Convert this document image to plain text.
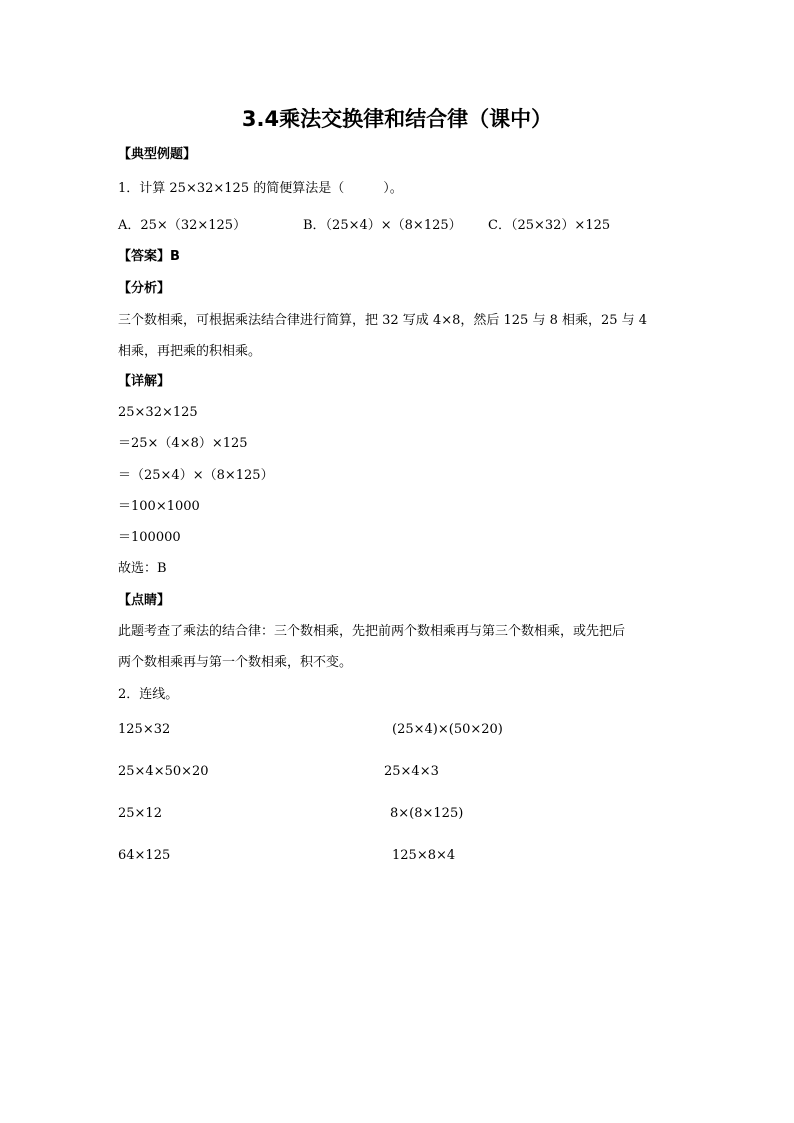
3.4乘法交换律和结合律（课中）
【典型例题】
1．计算 25×32×125 的简便算法是（　　　）。
A．25×（32×125）	B．（25×4）×（8×125） C．（25×32）×125
【答案】B
【分析】
三个数相乘，可根据乘法结合律进行简算，把 32 写成 4×8，然后 125 与 8 相乘，25 与 4
相乘，再把乘的积相乘。
【详解】
25×32×125
＝25×（4×8）×125
＝（25×4）×（8×125）
＝100×1000
＝100000
故选：B
【点睛】
此题考查了乘法的结合律：三个数相乘，先把前两个数相乘再与第三个数相乘，或先把后
两个数相乘再与第一个数相乘，积不变。
2．连线。
125×32	(25×4)×(50×20)
25×4×50×20	25×4×3
25×12	8×(8×125)
64×125	125×8×4
